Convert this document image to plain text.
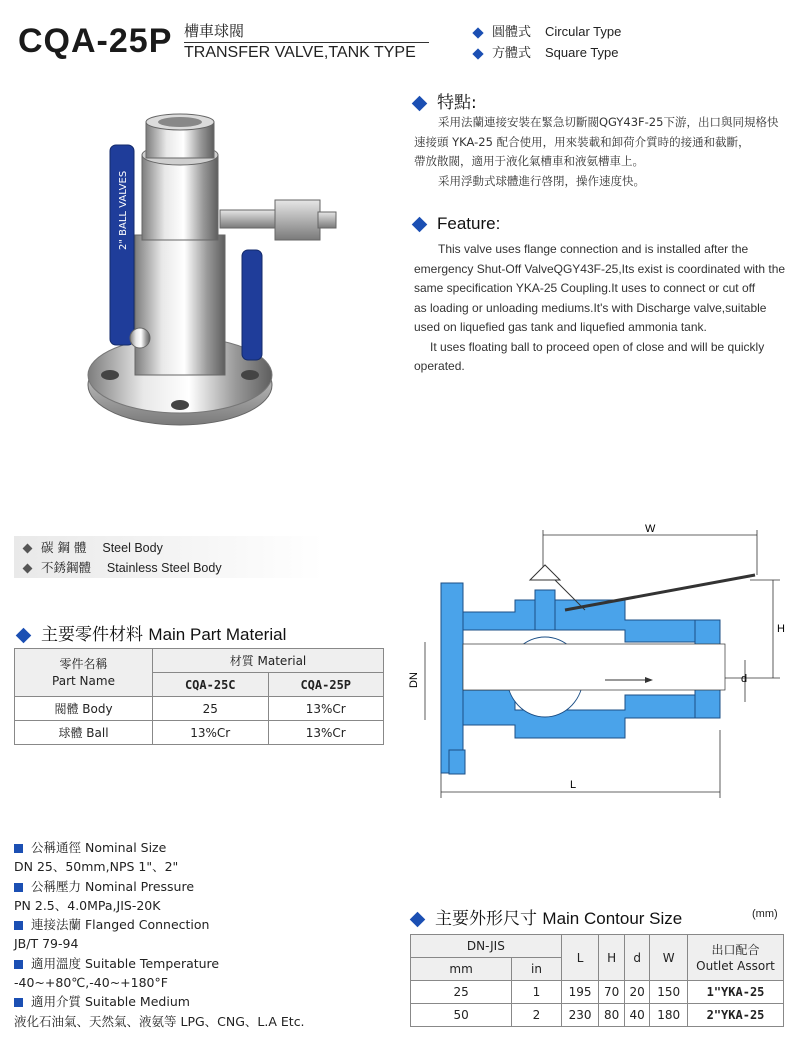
CQA-25P 槽車球閥
TRANSFER VALVE,TANK TYPE
圓體式 Circular Type
方體式 Square Type
2" BALL VALVES
特點:
采用法蘭連接安裝在緊急切斷閥QGY43F-25下游，出口與同規格快
速接頭 YKA-25 配合使用，用來裝載和卸荷介質時的接通和截斷，
帶放散閥，適用于液化氣槽車和液氨槽車上。
采用浮動式球體進行啓閉，操作速度快。
Feature:
This valve uses flange connection and is installed after the
emergency Shut-Off ValveQGY43F-25,Its exist is coordinated with the
same specification YKA-25 Coupling.It uses to connect or cut off
as loading or unloading mediums.It's with Discharge valve,suitable
used on liquefied gas tank and liquefied ammonia tank.
It uses floating ball to proceed open of close and will be quickly
operated.
碳 鋼 體 Steel Body
不銹鋼體 Stainless Steel Body
主要零件材料 Main Part Material
零件名稱
Part Name	材質 Material	
	CQA-25C	CQA-25P
閥體 Body	25	13%Cr
球體 Ball	13%Cr	13%Cr
W
H
DN	d
L
公稱通徑 Nominal Size
DN 25、50mm,NPS 1"、2"
公稱壓力 Nominal Pressure
PN 2.5、4.0MPa,JIS-20K
連接法蘭 Flanged Connection
JB/T 79-94
適用溫度 Suitable Temperature
-40~+80℃,-40~+180°F
適用介質 Suitable Medium
液化石油氣、天然氣、液氨等 LPG、CNG、L.A Etc.
主要外形尺寸 Main Contour Size	(mm)
DN-JIS		L	H	d	W	出口配合
Outlet Assort

mm	in					
25	1	195	70	20	150	1"YKA-25
50	2	230	80	40	180	2"YKA-25
